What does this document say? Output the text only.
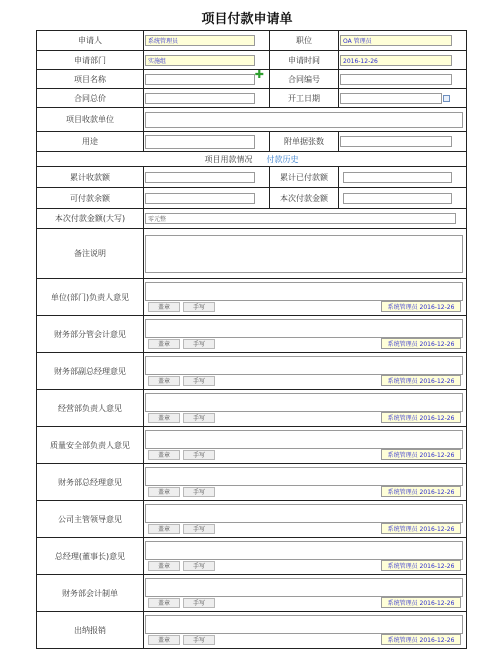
项目付款申请单
申请人	系统管理员	职位	OA 管理员

申请部门	实施组	申请时间	2016-12-26

项目名称	✚	合同编号	

合同总价		开工日期	

项目收款单位			

用途		附单据张数	

项目用款情况 付款历史			
累计收款额		累计已付款额	

可付款余额		本次付款金额	

本次付款金额(大写)	零元整		

备注说明			

单位(部门)负责人意见	盖章 手写 系统管理员 2016-12-26		

财务部分管会计意见	盖章 手写 系统管理员 2016-12-26		

财务部副总经理意见	盖章 手写 系统管理员 2016-12-26		

经营部负责人意见	盖章 手写 系统管理员 2016-12-26		

质量安全部负责人意见	盖章 手写 系统管理员 2016-12-26		

财务部总经理意见	盖章 手写 系统管理员 2016-12-26		

公司主管领导意见	盖章 手写 系统管理员 2016-12-26		

总经理(董事长)意见	盖章 手写 系统管理员 2016-12-26		

财务部会计制单	盖章 手写 系统管理员 2016-12-26		

出纳报销	盖章 手写 系统管理员 2016-12-26		
